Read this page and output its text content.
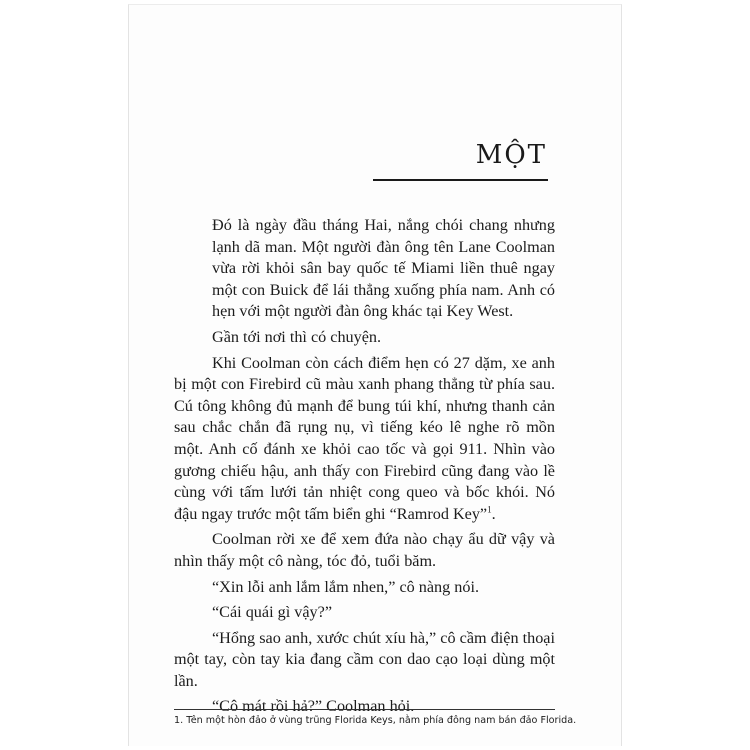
MỘT

Đó là ngày đầu tháng Hai, nắng chói chang nhưng lạnh dã man. Một người đàn ông tên Lane Coolman vừa rời khỏi sân bay quốc tế Miami liền thuê ngay một con Buick để lái thẳng xuống phía nam. Anh có hẹn với một người đàn ông khác tại Key West.

Gần tới nơi thì có chuyện.

Khi Coolman còn cách điểm hẹn có 27 dặm, xe anh bị một con Firebird cũ màu xanh phang thẳng từ phía sau. Cú tông không đủ mạnh để bung túi khí, nhưng thanh cản sau chắc chắn đã rụng nụ, vì tiếng kéo lê nghe rõ mồn một. Anh cố đánh xe khỏi cao tốc và gọi 911. Nhìn vào gương chiếu hậu, anh thấy con Firebird cũng đang vào lề cùng với tấm lưới tản nhiệt cong queo và bốc khói. Nó đậu ngay trước một tấm biển ghi “Ramrod Key”$^1$.

Coolman rời xe để xem đứa nào chạy ẩu dữ vậy và nhìn thấy một cô nàng, tóc đỏ, tuổi băm.

“Xin lỗi anh lắm lắm nhen,” cô nàng nói.

“Cái quái gì vậy?”

“Hổng sao anh, xước chút xíu hà,” cô cầm điện thoại một tay, còn tay kia đang cầm con dao cạo loại dùng một lần.

“Cô mát rồi hả?” Coolman hỏi.

1. Tên một hòn đảo ở vùng trũng Florida Keys, nằm phía đông nam bán đảo Florida.
